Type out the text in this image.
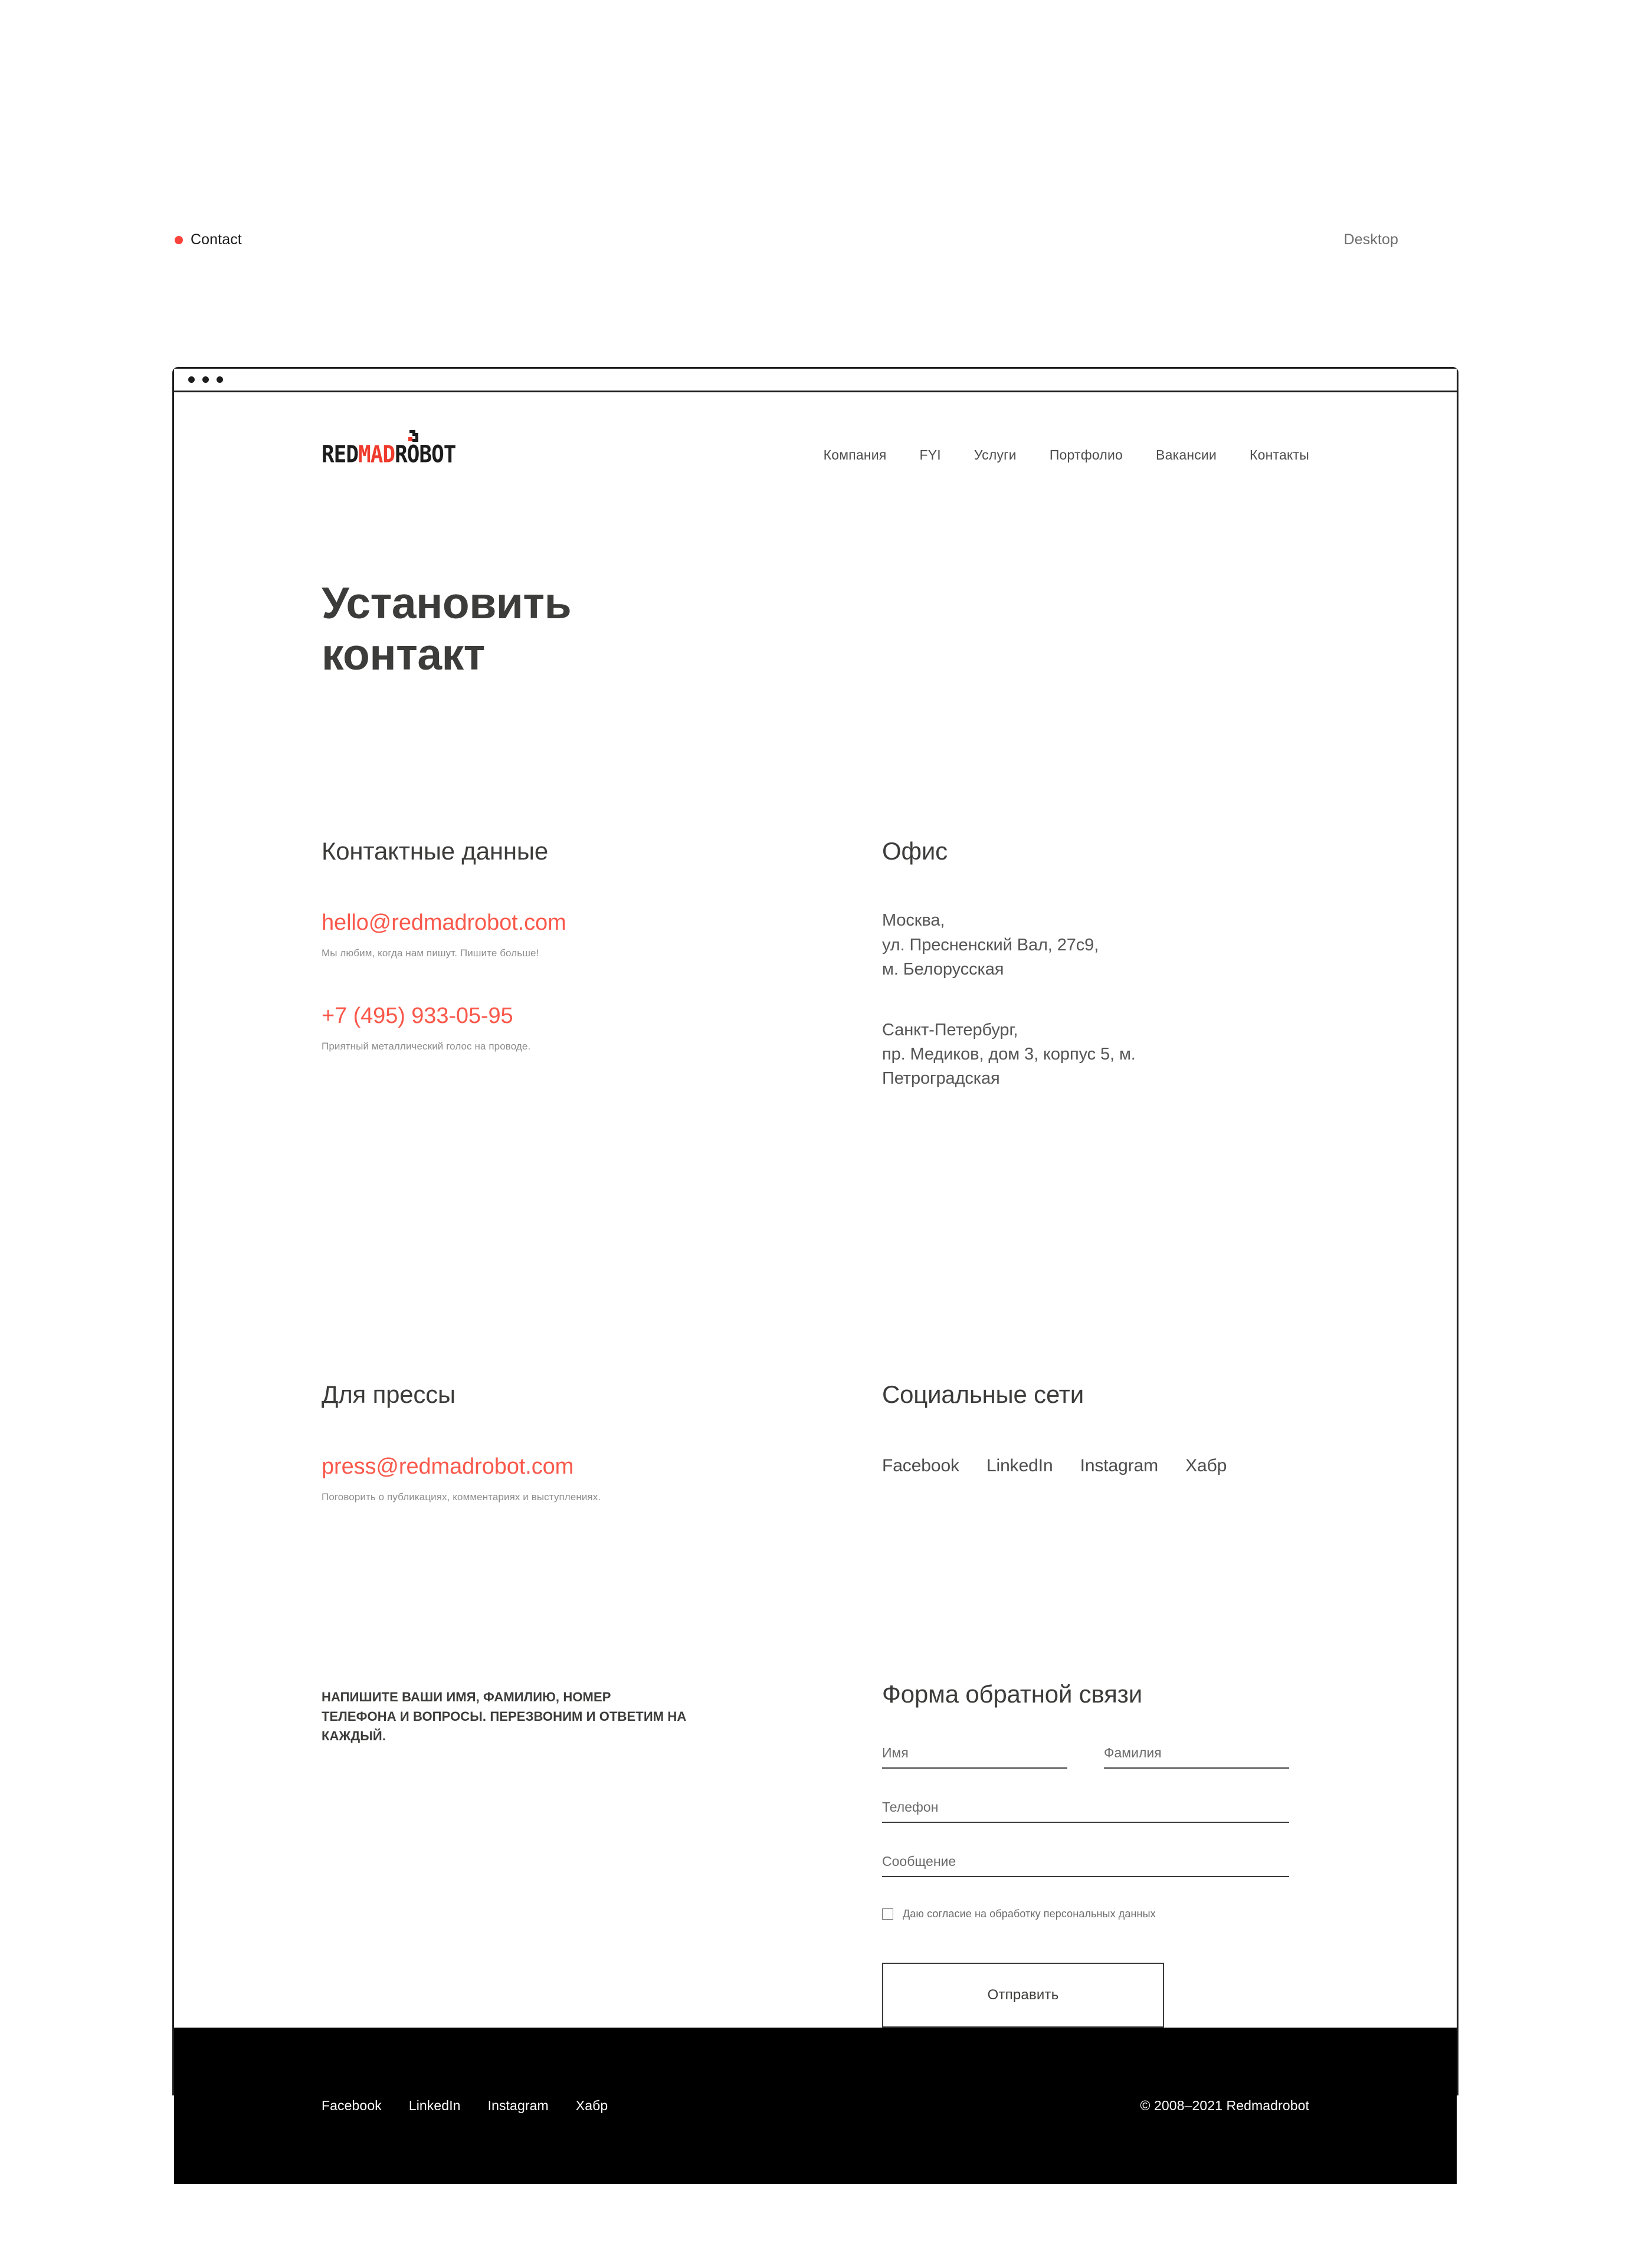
Contact	Desktop
REDMADROBOT	Компания FYI Услуги Портфолио Вакансии Контакты
Установить
контакт
Контактные данные
hello@redmadrobot.com
Мы любим, когда нам пишут. Пишите больше!
+7 (495) 933-05-95
Приятный металлический голос на проводе.
Офис
Москва,
ул. Пресненский Вал, 27с9,
м. Белорусская
Санкт-Петербург,
пр. Медиков, дом 3, корпус 5, м.
Петроградская
Для прессы
press@redmadrobot.com
Поговорить о публикациях, комментариях и выступлениях.
Социальные сети
Facebook LinkedIn Instagram Хабр
НАПИШИТЕ ВАШИ ИМЯ, ФАМИЛИЮ, НОМЕР ТЕЛЕФОНА И ВОПРОСЫ. ПЕРЕЗВОНИМ И ОТВЕТИМ НА КАЖДЫЙ.
Форма обратной связи
Имя
Фамилия
Телефон
Сообщение
Даю согласие на обработку персональных данных
Отправить
Facebook LinkedIn Instagram Хабр	© 2008–2021 Redmadrobot
